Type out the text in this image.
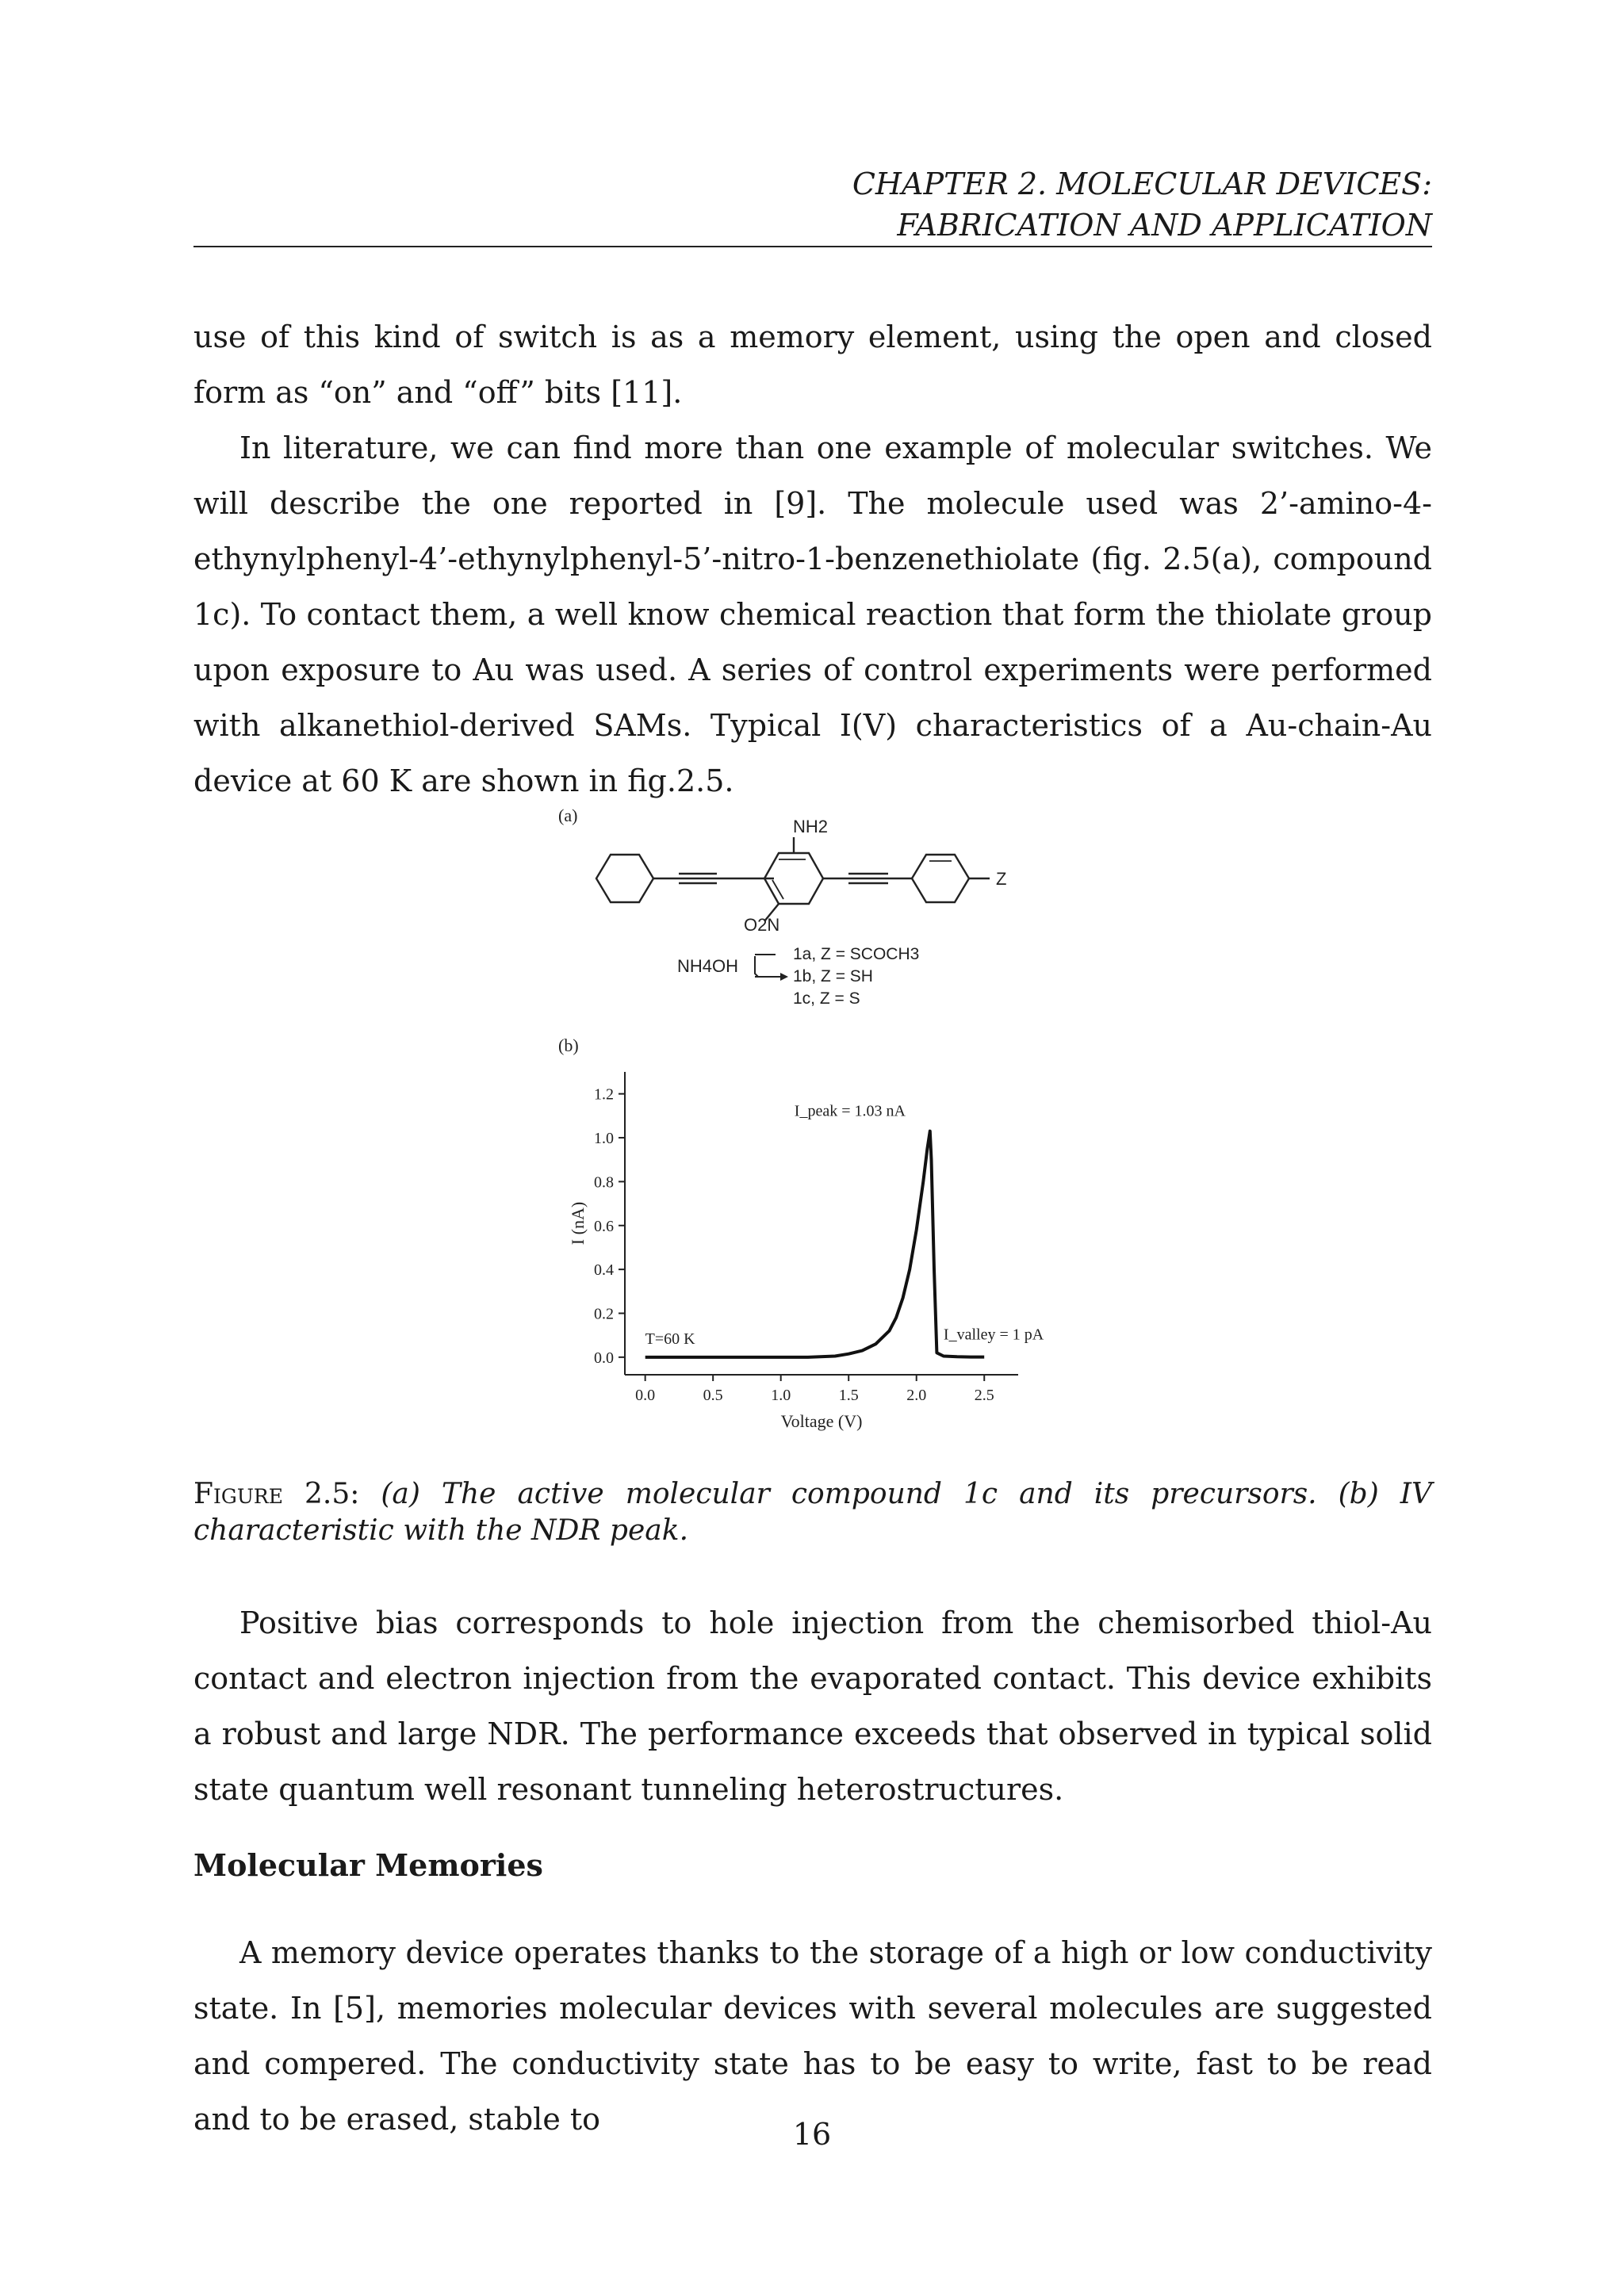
CHAPTER 2. MOLECULAR DEVICES:
FABRICATION AND APPLICATION

use of this kind of switch is as a memory element, using the open and closed form as “on” and “off” bits [11].

In literature, we can find more than one example of molecular switches. We will describe the one reported in [9]. The molecule used was 2’-amino-4-ethynylphenyl-4’-ethynylphenyl-5’-nitro-1-benzenethiolate (fig. 2.5(a), compound 1c). To contact them, a well know chemical reaction that form the thiolate group upon exposure to Au was used. A series of control experiments were performed with alkanethiol-derived SAMs. Typical I(V) characteristics of a Au-chain-Au device at 60 K are shown in fig.2.5.

(a)
NH2
Z
O2N
NH4OH
1a, Z = SCOCH3
1b, Z = SH
1c, Z = S
(b)
0.0
0.2
0.4
0.6
0.8
1.0
1.2
0.0	0.5	1.0	1.5	2.0	2.5
Voltage (V)
I (nA)
T=60 K
I_peak = 1.03 nA
I_valley = 1 pA

Figure 2.5: (a) The active molecular compound 1c and its precursors. (b) IV characteristic with the NDR peak.

Positive bias corresponds to hole injection from the chemisorbed thiol-Au contact and electron injection from the evaporated contact. This device exhibits a robust and large NDR. The performance exceeds that observed in typical solid state quantum well resonant tunneling heterostructures.

Molecular Memories

A memory device operates thanks to the storage of a high or low conductivity state. In [5], memories molecular devices with several molecules are suggested and compered. The conductivity state has to be easy to write, fast to be read and to be erased, stable to	16
